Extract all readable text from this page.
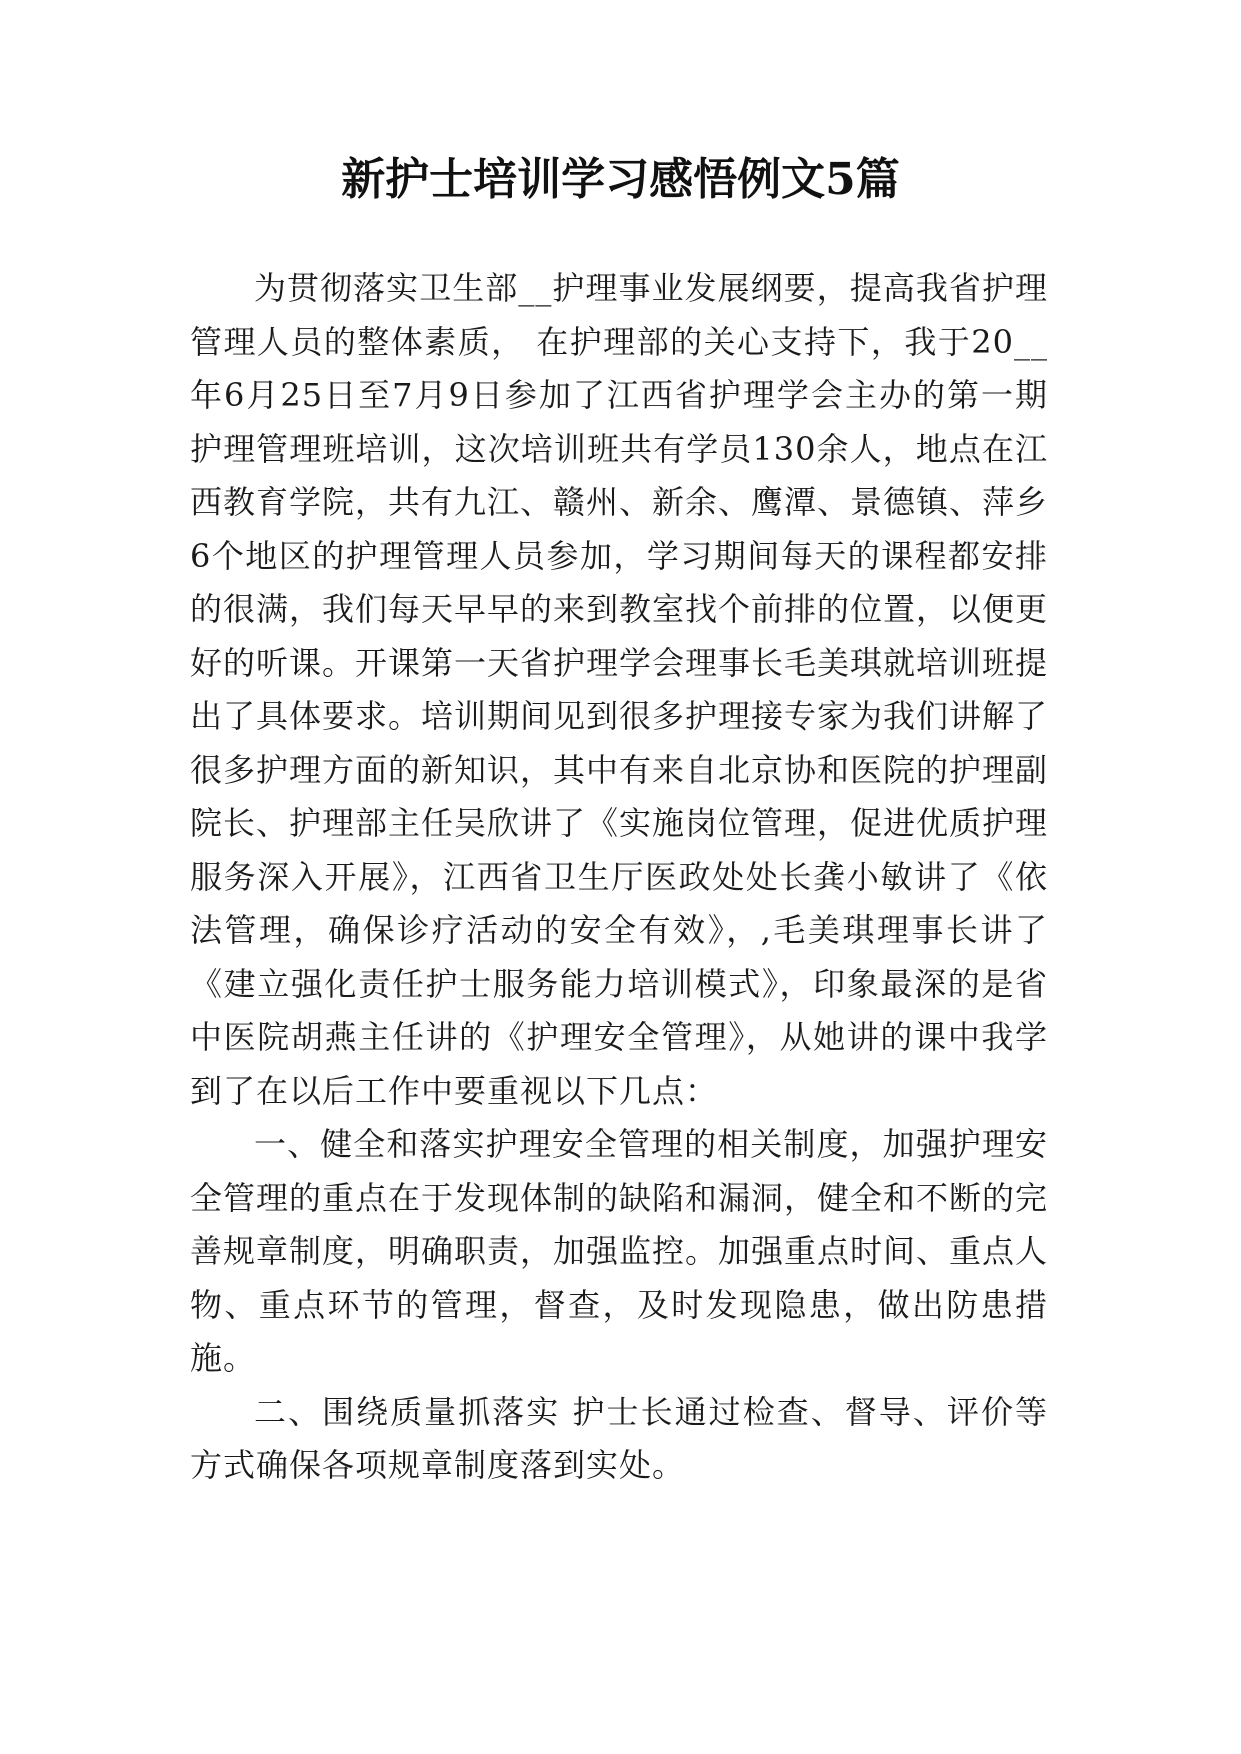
新护士培训学习感悟例文5篇

为贯彻落实卫生部__护理事业发展纲要，提高我省护理管理人员的整体素质， 在护理部的关心支持下，我于20__年6月25日至7月9日参加了江西省护理学会主办的第一期护理管理班培训，这次培训班共有学员130余人，地点在江西教育学院，共有九江、赣州、新余、鹰潭、景德镇、萍乡6个地区的护理管理人员参加，学习期间每天的课程都安排的很满，我们每天早早的来到教室找个前排的位置，以便更好的听课。开课第一天省护理学会理事长毛美琪就培训班提出了具体要求。培训期间见到很多护理接专家为我们讲解了很多护理方面的新知识，其中有来自北京协和医院的护理副院长、护理部主任吴欣讲了《实施岗位管理，促进优质护理服务深入开展》，江西省卫生厅医政处处长龚小敏讲了《依法管理，确保诊疗活动的安全有效》，,毛美琪理事长讲了《建立强化责任护士服务能力培训模式》，印象最深的是省中医院胡燕主任讲的《护理安全管理》，从她讲的课中我学到了在以后工作中要重视以下几点：

一、健全和落实护理安全管理的相关制度，加强护理安全管理的重点在于发现体制的缺陷和漏洞，健全和不断的完善规章制度，明确职责，加强监控。加强重点时间、重点人物、重点环节的管理，督查，及时发现隐患，做出防患措施。

二、围绕质量抓落实 护士长通过检查、督导、评价等方式确保各项规章制度落到实处。
